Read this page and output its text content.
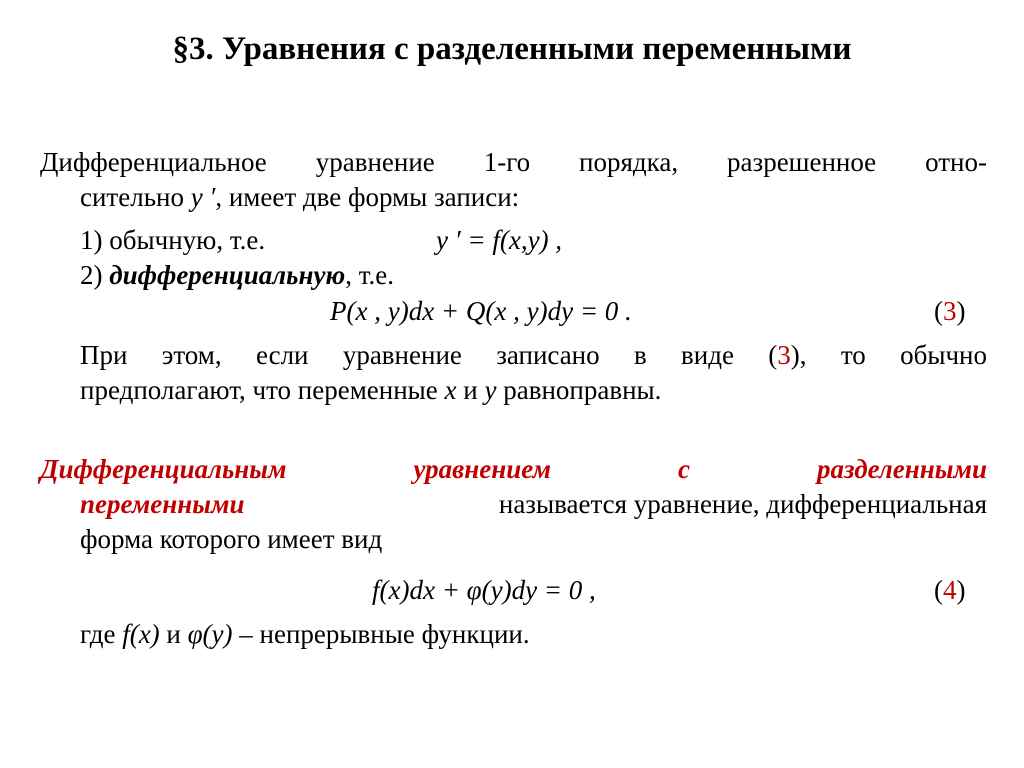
§3. Уравнения с разделенными переменными
Дифференциальное уравнение 1-го порядка, разрешенное отно-
сительно y ′, имеет две формы записи:
1) обычную, т.е.	y ′ = f(x,y) ,
2) дифференциальную, т.е.
P(x , y)dx + Q(x , y)dy = 0 .	(3)
При этом, если уравнение записано в виде (3), то обычно
предполагают, что переменные x и y равноправны.
Дифференциальным уравнением с разделенными
переменными	называется уравнение, дифференциальная
форма которого имеет вид
f(x)dx + φ(y)dy = 0 ,	(4)
где f(x) и φ(y) – непрерывные функции.
